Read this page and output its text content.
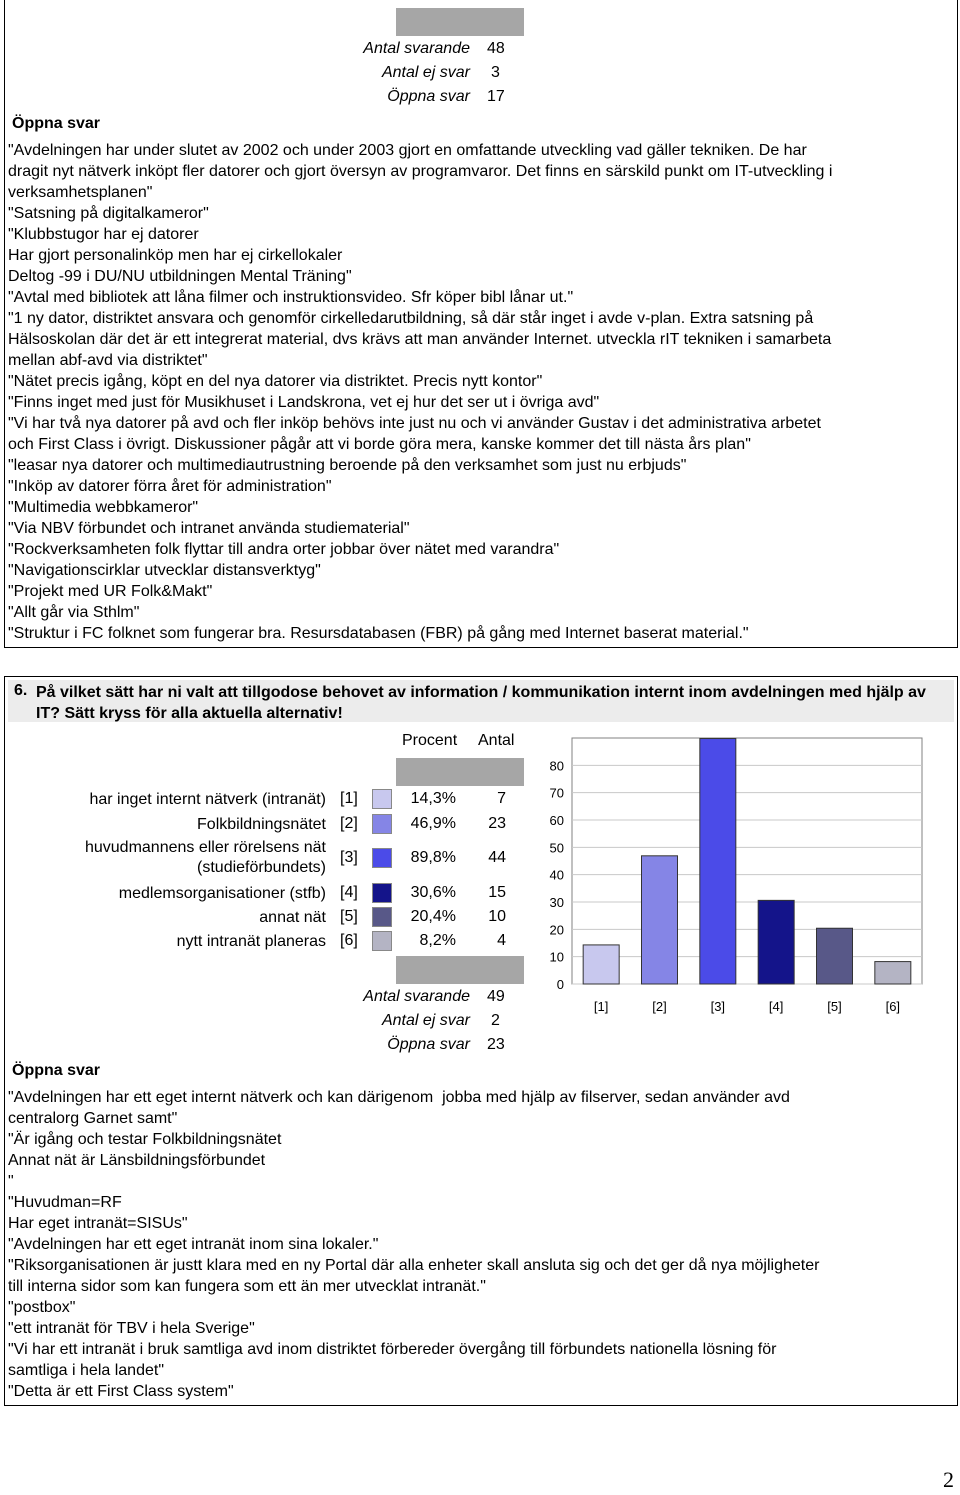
Antal svarande 48
Antal ej svar 3
Öppna svar 17
Öppna svar
"Avdelningen har under slutet av 2002 och under 2003 gjort en omfattande utveckling vad gäller tekniken. De har
dragit nyt nätverk inköpt fler datorer och gjort översyn av programvaror. Det finns en särskild punkt om IT-utveckling i
verksamhetsplanen"
"Satsning på digitalkameror"
"Klubbstugor har ej datorer
Har gjort personalinköp men har ej cirkellokaler
Deltog -99 i DU/NU utbildningen Mental Träning"
"Avtal med bibliotek att låna filmer och instruktionsvideo. Sfr köper bibl lånar ut."
"1 ny dator, distriktet ansvara och genomför cirkelledarutbildning, så där står inget i avde v-plan. Extra satsning på
Hälsoskolan där det är ett integrerat material, dvs krävs att man använder Internet. utveckla rIT tekniken i samarbeta
mellan abf-avd via distriktet"
"Nätet precis igång, köpt en del nya datorer via distriktet. Precis nytt kontor"
"Finns inget med just för Musikhuset i Landskrona, vet ej hur det ser ut i övriga avd"
"Vi har två nya datorer på avd och fler inköp behövs inte just nu och vi använder Gustav i det administrativa arbetet
och First Class i övrigt. Diskussioner pågår att vi borde göra mera, kanske kommer det till nästa års plan"
"leasar nya datorer och multimediautrustning beroende på den verksamhet som just nu erbjuds"
"Inköp av datorer förra året för administration"
"Multimedia webbkameror"
"Via NBV förbundet och intranet använda studiematerial"
"Rockverksamheten folk flyttar till andra orter jobbar över nätet med varandra"
"Navigationscirklar utvecklar distansverktyg"
"Projekt med UR Folk&Makt"
"Allt går via Sthlm"
"Struktur i FC folknet som fungerar bra. Resursdatabasen (FBR) på gång med Internet baserat material."
6. På vilket sätt har ni valt att tillgodose behovet av information / kommunikation internt inom avdelningen med hjälp av IT? Sätt kryss för alla aktuella alternativ!
Procent Antal
har inget internt nätverk (intranät) [1]	14,3%	7
Folkbildningsnätet [2]	46,9%	23
huvudmannens eller rörelsens nät (studieförbundets)
[3]	89,8%	44
medlemsorganisationer (stfb) [4]	30,6%	15
annat nät [5]	20,4%	10
nytt intranät planeras [6]	8,2%	4
Antal svarande 49
Antal ej svar 2
Öppna svar 23
Öppna svar
"Avdelningen har ett eget internt nätverk och kan därigenom  jobba med hjälp av filserver, sedan använder avd
centralorg Garnet samt"
"Är igång och testar Folkbildningsnätet
Annat nät är Länsbildningsförbundet
"
"Huvudman=RF
Har eget intranät=SISUs"
"Avdelningen har ett eget intranät inom sina lokaler."
"Riksorganisationen är justt klara med en ny Portal där alla enheter skall ansluta sig och det ger då nya möjligheter
till interna sidor som kan fungera som ett än mer utvecklat intranät."
"postbox"
"ett intranät för TBV i hela Sverige"
"Vi har ett intranät i bruk samtliga avd inom distriktet förbereder övergång till förbundets nationella lösning för
samtliga i hela landet"
"Detta är ett First Class system"
0
10
20
30
40
50
60
70
80
[1]	[2]	[3]	[4]	[5]	[6]
2
